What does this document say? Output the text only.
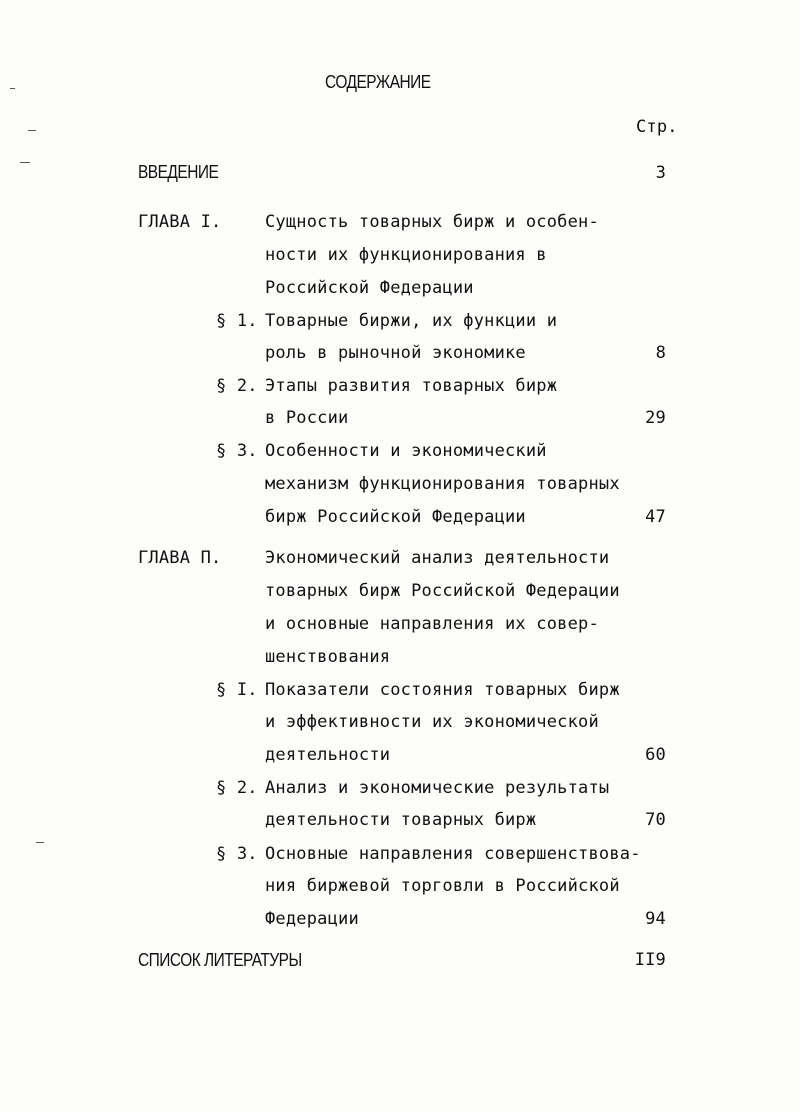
СОДЕРЖАНИЕ
Стр.
ВВЕДЕНИЕ	3
ГЛАВА I.	Сущность товарных бирж и особен-
ности их функционирования в
Российской Федерации
§ 1. Товарные биржи, их функции и
роль в рыночной экономике	8
§ 2. Этапы развития товарных бирж
в России	29
§ 3. Особенности и экономический
механизм функционирования товарных
бирж Российской Федерации	47
ГЛАВА П.	Экономический анализ деятельности
товарных бирж Российской Федерации
и основные направления их совер-
шенствования
§ I. Показатели состояния товарных бирж
и эффективности их экономической
деятельности	60
§ 2. Анализ и экономические результаты
деятельности товарных бирж	70
§ 3. Основные направления совершенствова-
ния биржевой торговли в Российской
Федерации	94
СПИСОК ЛИТЕРАТУРЫ	II9
